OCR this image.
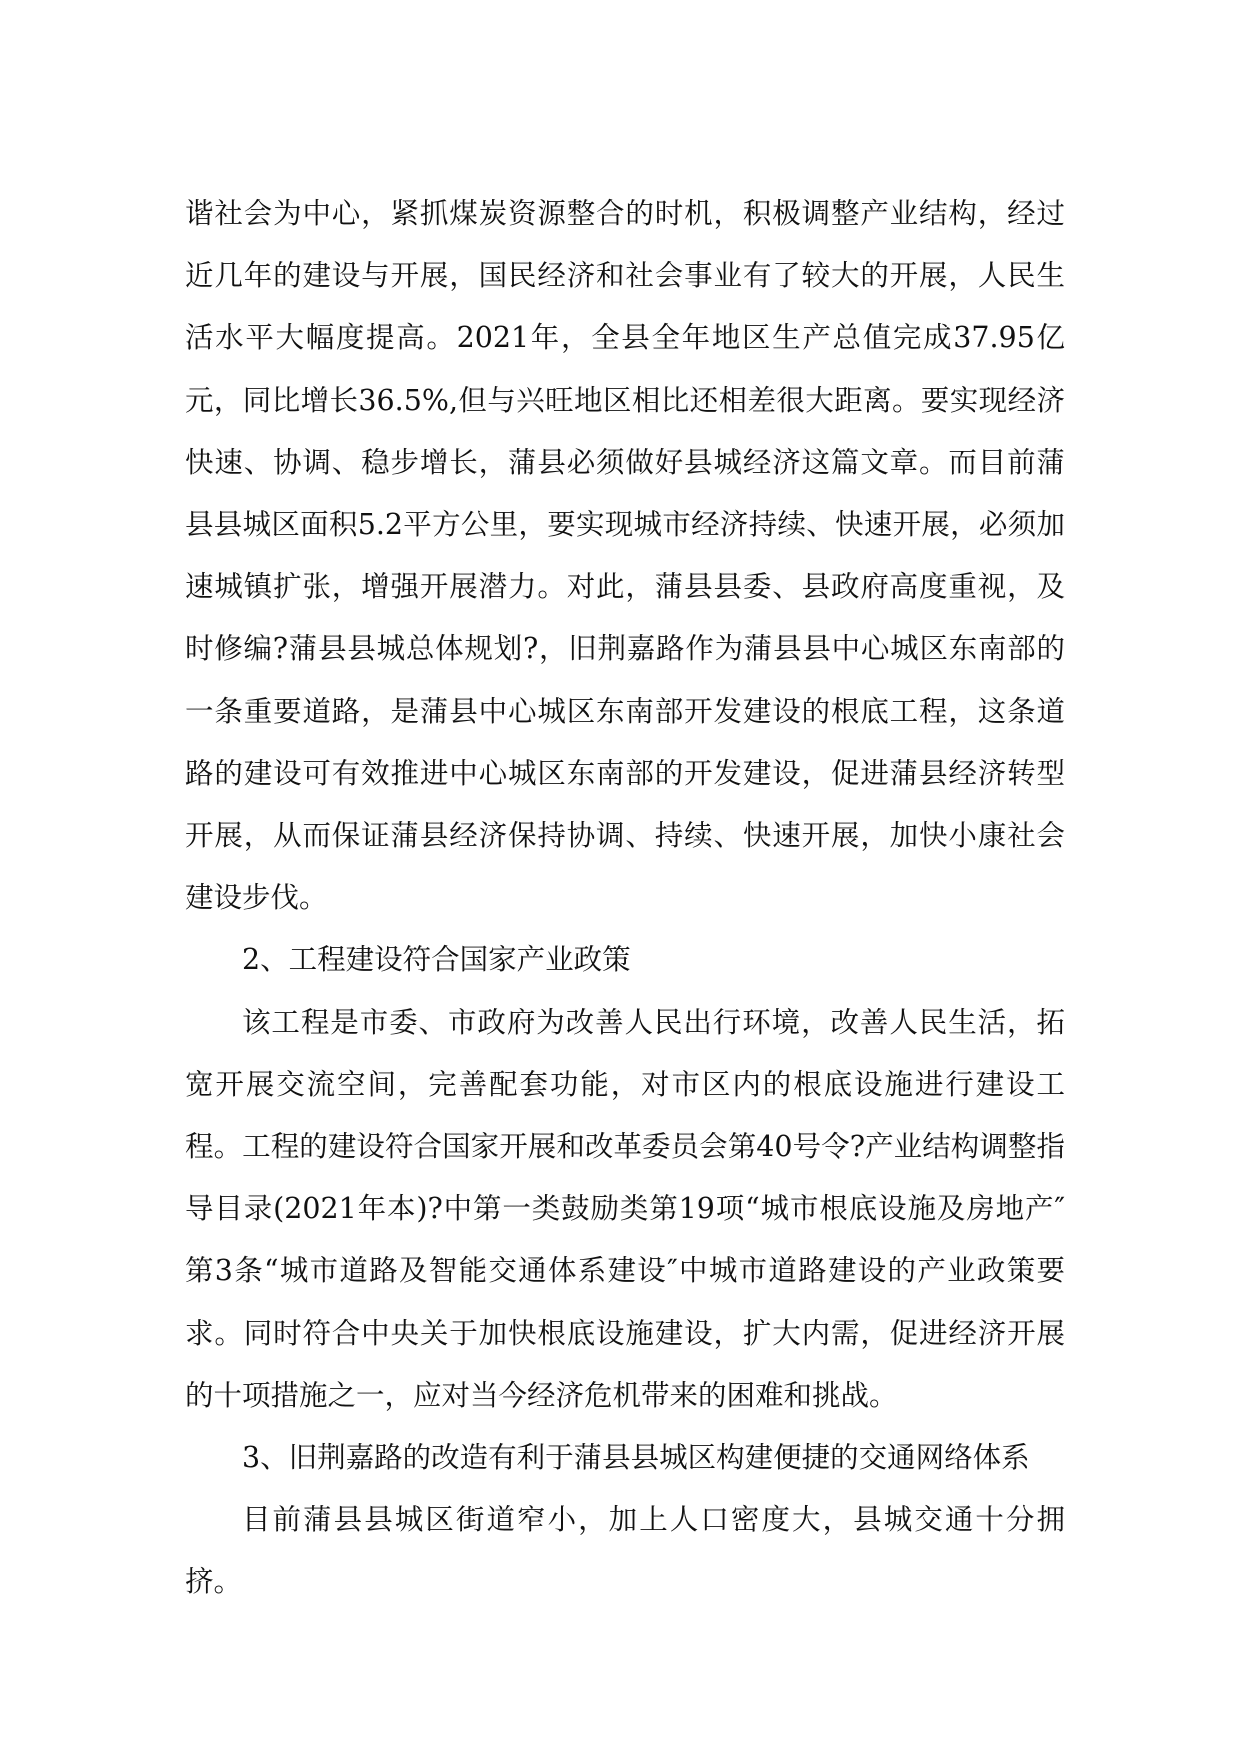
谐社会为中心，紧抓煤炭资源整合的时机，积极调整产业结构，经过近几年的建设与开展，国民经济和社会事业有了较大的开展，人民生活水平大幅度提高。2021年，全县全年地区生产总值完成37.95亿元，同比增长36.5%,但与兴旺地区相比还相差很大距离。要实现经济快速、协调、稳步增长，蒲县必须做好县城经济这篇文章。而目前蒲县县城区面积5.2平方公里，要实现城市经济持续、快速开展，必须加速城镇扩张，增强开展潜力。对此，蒲县县委、县政府高度重视，及时修编?蒲县县城总体规划?，旧荆嘉路作为蒲县县中心城区东南部的一条重要道路，是蒲县中心城区东南部开发建设的根底工程，这条道路的建设可有效推进中心城区东南部的开发建设，促进蒲县经济转型开展，从而保证蒲县经济保持协调、持续、快速开展，加快小康社会建设步伐。

2、工程建设符合国家产业政策

该工程是市委、市政府为改善人民出行环境，改善人民生活，拓宽开展交流空间，完善配套功能，对市区内的根底设施进行建设工程。工程的建设符合国家开展和改革委员会第40号令?产业结构调整指导目录(2021年本)?中第一类鼓励类第19项“城市根底设施及房地产″第3条“城市道路及智能交通体系建设″中城市道路建设的产业政策要求。同时符合中央关于加快根底设施建设，扩大内需，促进经济开展的十项措施之一，应对当今经济危机带来的困难和挑战。

3、旧荆嘉路的改造有利于蒲县县城区构建便捷的交通网络体系

目前蒲县县城区街道窄小，加上人口密度大，县城交通十分拥挤。
